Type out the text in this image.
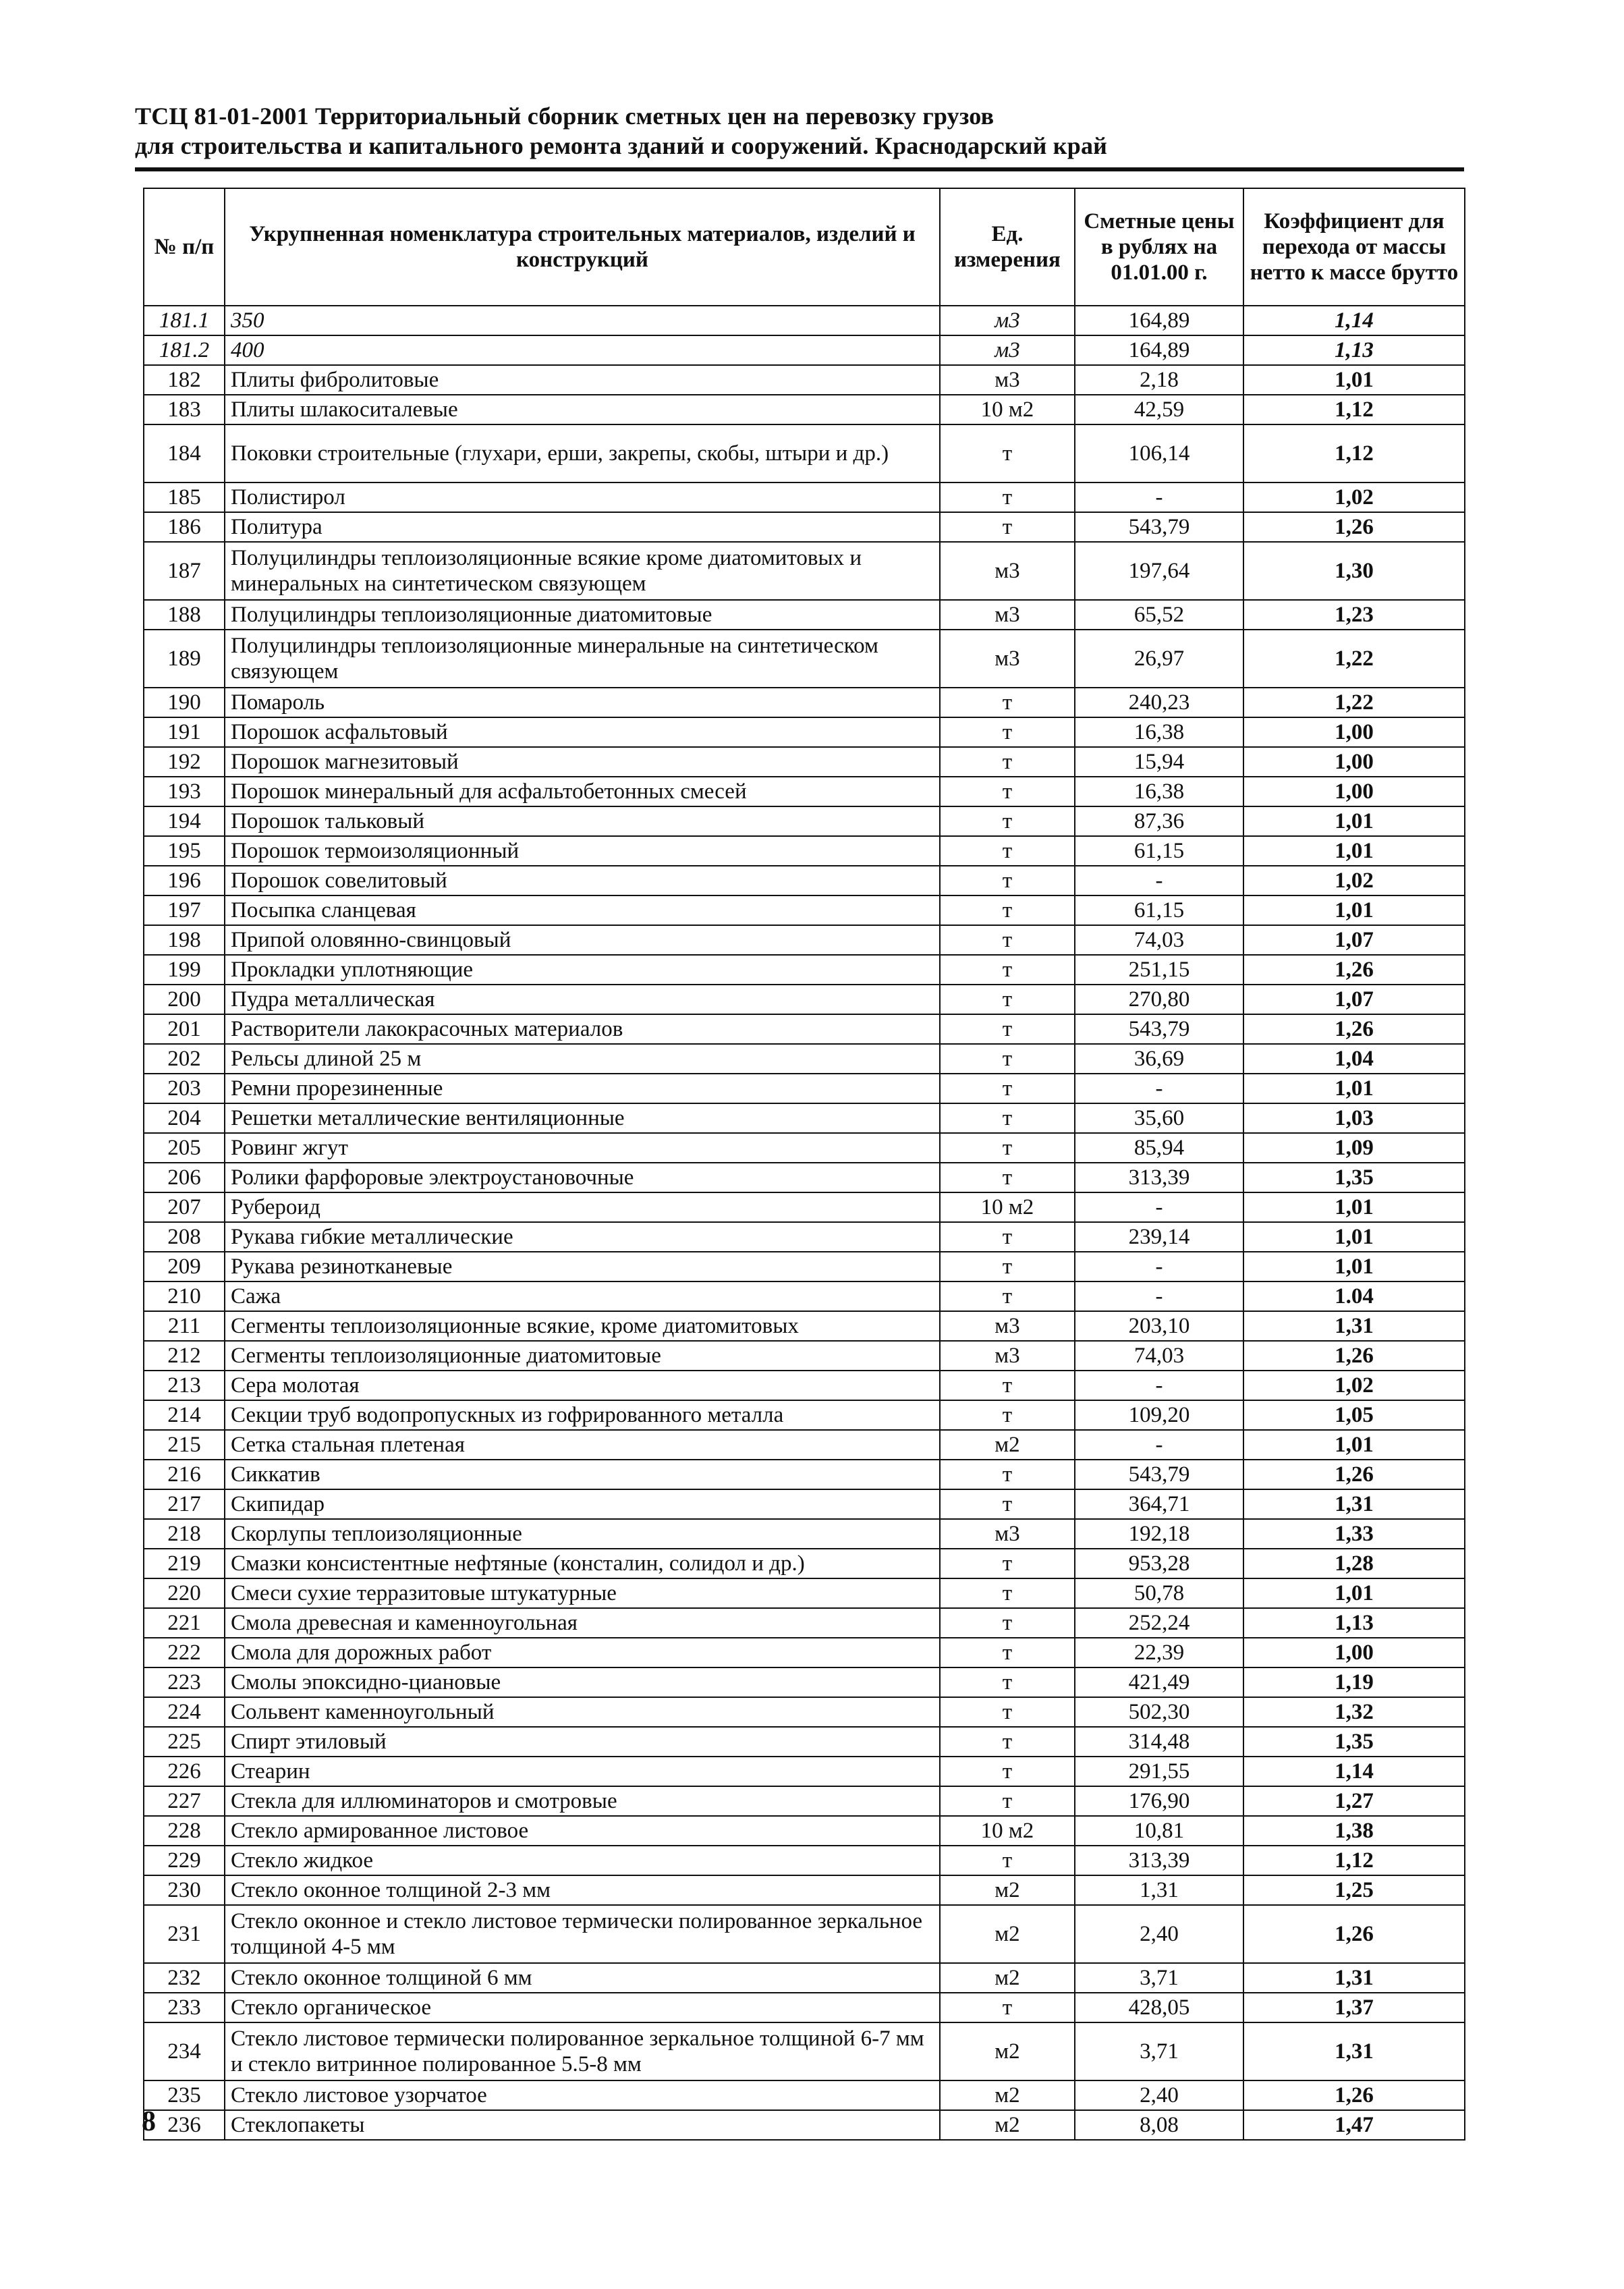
ТСЦ 81-01-2001 Территориальный сборник сметных цен на перевозку грузов
для строительства и капитального ремонта зданий и сооружений. Краснодарский край
№ п/п	Укрупненная номенклатура строительных материалов, изделий и конструкций	Ед. измерения	Сметные цены в рублях на 01.01.00 г.	Коэффициент для перехода от массы нетто к массе брутто
181.1	350	м3	164,89	1,14
181.2	400	м3	164,89	1,13
182	Плиты фибролитовые	м3	2,18	1,01
183	Плиты шлакоситалевые	10 м2	42,59	1,12
184	Поковки строительные (глухари, ерши, закрепы, скобы, штыри и др.)	т	106,14	1,12
185	Полистирол	т	-	1,02
186	Политура	т	543,79	1,26
187	Полуцилиндры теплоизоляционные всякие кроме диатомитовых и минеральных на синтетическом связующем	м3	197,64	1,30
188	Полуцилиндры теплоизоляционные диатомитовые	м3	65,52	1,23
189	Полуцилиндры теплоизоляционные минеральные на синтетическом связующем	м3	26,97	1,22
190	Помароль	т	240,23	1,22
191	Порошок асфальтовый	т	16,38	1,00
192	Порошок магнезитовый	т	15,94	1,00
193	Порошок минеральный для асфальтобетонных смесей	т	16,38	1,00
194	Порошок тальковый	т	87,36	1,01
195	Порошок термоизоляционный	т	61,15	1,01
196	Порошок совелитовый	т	-	1,02
197	Посыпка сланцевая	т	61,15	1,01
198	Припой оловянно-свинцовый	т	74,03	1,07
199	Прокладки уплотняющие	т	251,15	1,26
200	Пудра металлическая	т	270,80	1,07
201	Растворители лакокрасочных материалов	т	543,79	1,26
202	Рельсы длиной 25 м	т	36,69	1,04
203	Ремни прорезиненные	т	-	1,01
204	Решетки металлические вентиляционные	т	35,60	1,03
205	Ровинг жгут	т	85,94	1,09
206	Ролики фарфоровые электроустановочные	т	313,39	1,35
207	Рубероид	10 м2	-	1,01
208	Рукава гибкие металлические	т	239,14	1,01
209	Рукава резинотканевые	т	-	1,01
210	Сажа	т	-	1.04
211	Сегменты теплоизоляционные всякие, кроме диатомитовых	м3	203,10	1,31
212	Сегменты теплоизоляционные диатомитовые	м3	74,03	1,26
213	Сера молотая	т	-	1,02
214	Секции труб водопропускных из гофрированного металла	т	109,20	1,05
215	Сетка стальная плетеная	м2	-	1,01
216	Сиккатив	т	543,79	1,26
217	Скипидар	т	364,71	1,31
218	Скорлупы теплоизоляционные	м3	192,18	1,33
219	Смазки консистентные нефтяные (консталин, солидол и др.)	т	953,28	1,28
220	Смеси сухие терразитовые штукатурные	т	50,78	1,01
221	Смола древесная и каменноугольная	т	252,24	1,13
222	Смола для дорожных работ	т	22,39	1,00
223	Смолы эпоксидно-циановые	т	421,49	1,19
224	Сольвент каменноугольный	т	502,30	1,32
225	Спирт этиловый	т	314,48	1,35
226	Стеарин	т	291,55	1,14
227	Стекла для иллюминаторов и смотровые	т	176,90	1,27
228	Стекло армированное листовое	10 м2	10,81	1,38
229	Стекло жидкое	т	313,39	1,12
230	Стекло оконное толщиной 2-3 мм	м2	1,31	1,25
231	Стекло оконное и стекло листовое термически полированное зеркальное толщиной 4-5 мм	м2	2,40	1,26
232	Стекло оконное толщиной 6 мм	м2	3,71	1,31
233	Стекло органическое	т	428,05	1,37
234	Стекло листовое термически полированное зеркальное толщиной 6-7 мм и стекло витринное полированное 5.5-8 мм	м2	3,71	1,31
235	Стекло листовое узорчатое	м2	2,40	1,26
236	Стеклопакеты	м2	8,08	1,47
8
